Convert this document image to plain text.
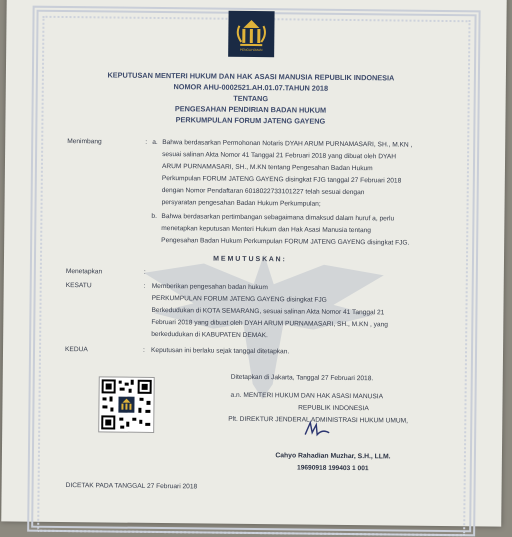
PENGAYOMAN
KEPUTUSAN MENTERI HUKUM DAN HAK ASASI MANUSIA REPUBLIK INDONESIA
NOMOR AHU-0002521.AH.01.07.TAHUN 2018
TENTANG
PENGESAHAN PENDIRIAN BADAN HUKUM
PERKUMPULAN FORUM JATENG GAYENG
Menimbang	: a. Bahwa berdasarkan Permohonan Notaris DYAH ARUM PURNAMASARI, SH., M.KN ,
sesuai salinan Akta Nomor 41 Tanggal 21 Februari 2018 yang dibuat oleh DYAH
ARUM PURNAMASARI, SH., M.KN tentang Pengesahan Badan Hukum
Perkumpulan FORUM JATENG GAYENG disingkat FJG tanggal 27 Februari 2018
dengan Nomor Pendaftaran 6018022733101227 telah sesuai dengan
persyaratan pengesahan Badan Hukum Perkumpulan;
b. Bahwa berdasarkan pertimbangan sebagaimana dimaksud dalam huruf a, perlu
menetapkan keputusan Menteri Hukum dan Hak Asasi Manusia tentang
Pengesahan Badan Hukum Perkumpulan FORUM JATENG GAYENG disingkat FJG.
M E M U T U S K A N :
Menetapkan	:
KESATU	: Memberikan pengesahan badan hukum
PERKUMPULAN FORUM JATENG GAYENG disingkat FJG
Berkedudukan di KOTA SEMARANG, sesuai salinan Akta Nomor 41 Tanggal 21
Februari 2018 yang dibuat oleh DYAH ARUM PURNAMASARI, SH., M.KN , yang
berkedudukan di KABUPATEN DEMAK.
KEDUA	: Keputusan ini berlaku sejak tanggal ditetapkan.
Ditetapkan di Jakarta, Tanggal 27 Februari 2018.
a.n. MENTERI HUKUM DAN HAK ASASI MANUSIA
REPUBLIK INDONESIA
Plt. DIREKTUR JENDERAL ADMINISTRASI HUKUM UMUM,
Cahyo Rahadian Muzhar, S.H., LLM.
19690918 199403 1 001
DICETAK PADA TANGGAL 27 Februari 2018
